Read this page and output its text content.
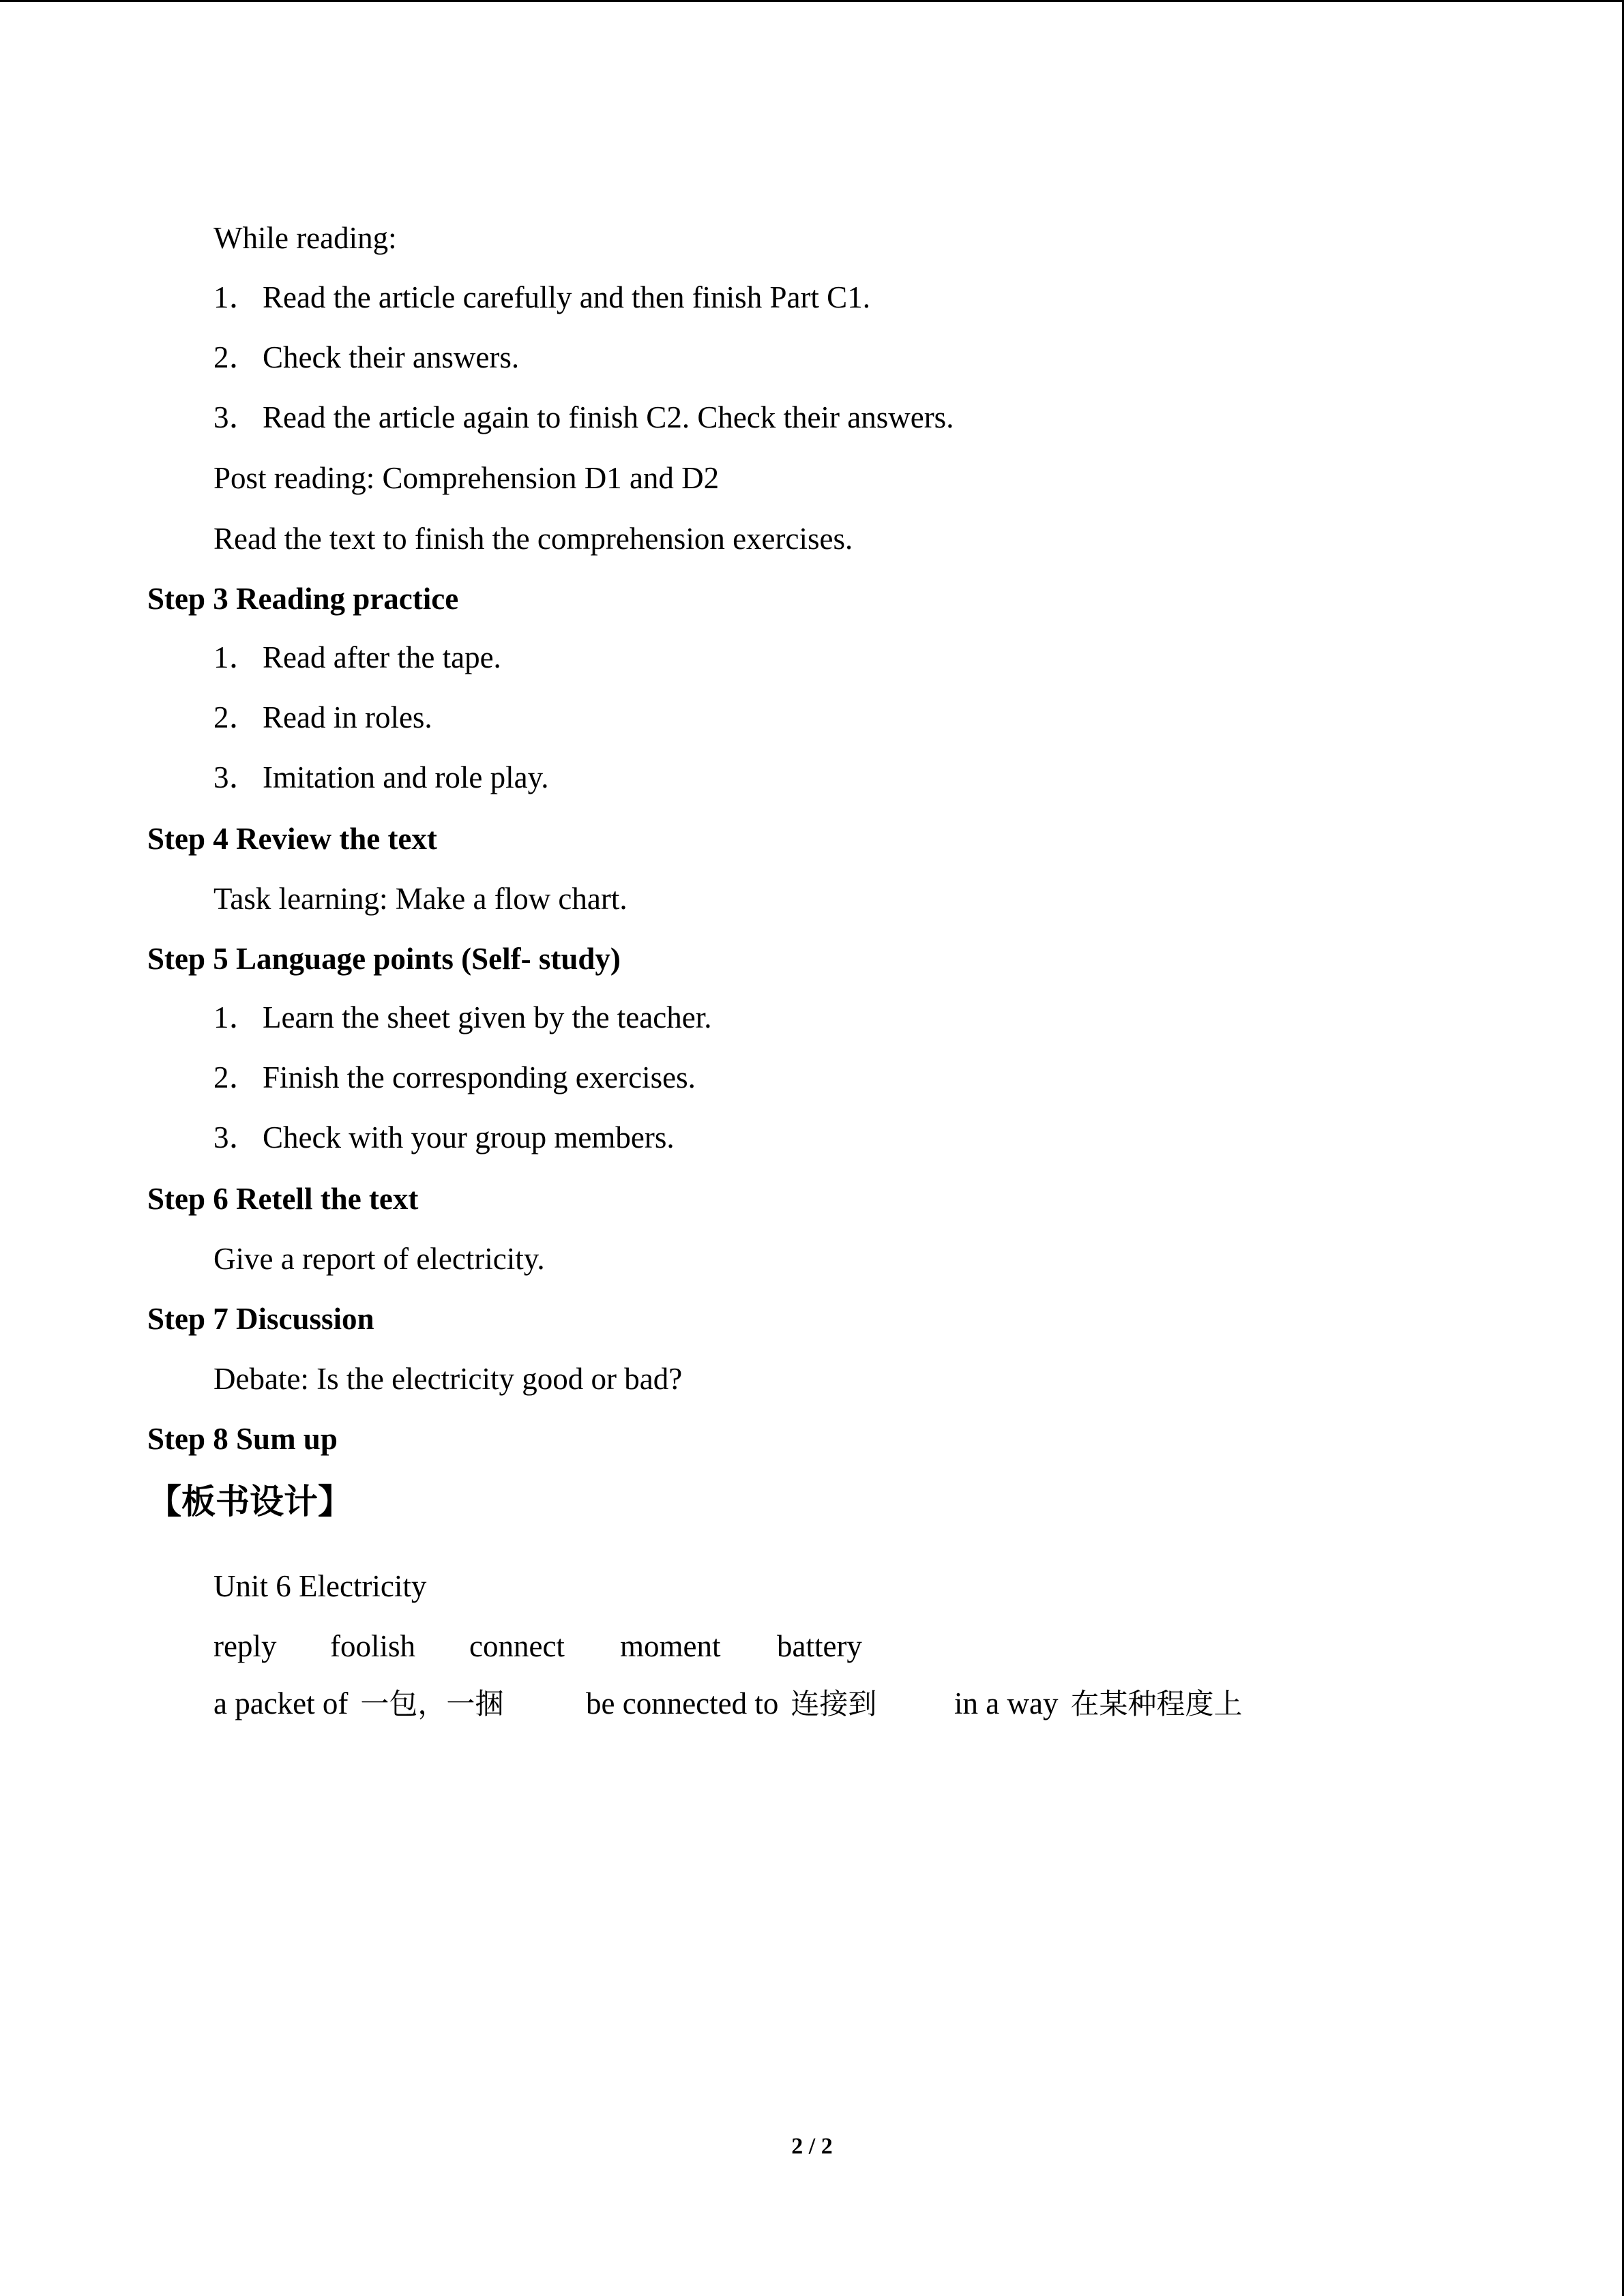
While reading:
1．Read the article carefully and then finish Part C1.
2．Check their answers.
3．Read the article again to finish C2. Check their answers.
Post reading: Comprehension D1 and D2
Read the text to finish the comprehension exercises.
Step 3 Reading practice
1．Read after the tape.
2．Read in roles.
3．Imitation and role play.
Step 4 Review the text
Task learning: Make a flow chart.
Step 5 Language points (Self- study)
1．Learn the sheet given by the teacher.
2．Finish the corresponding exercises.
3．Check with your group members.
Step 6 Retell the text
Give a report of electricity.
Step 7 Discussion
Debate: Is the electricity good or bad?
Step 8 Sum up
【板书设计】
Unit 6 Electricity
reply foolish connect moment battery
a packet of 一包，一捆	be connected to 连接到	in a way 在某种程度上
2 / 2
